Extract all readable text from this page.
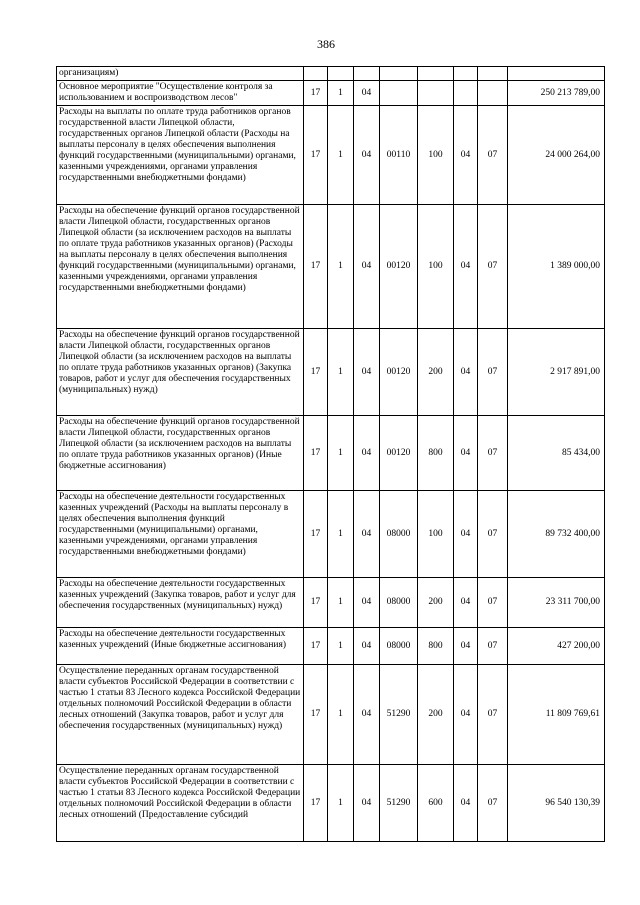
386
организациям)								
Основное мероприятие "Осуществление контроля за использованием и воспроизводством лесов"	17	1	04					250 213 789,00
Расходы на выплаты по оплате труда работников органов государственной власти Липецкой области, государственных органов Липецкой области (Расходы на выплаты персоналу в целях обеспечения выполнения функций государственными (муниципальными) органами, казенными учреждениями, органами управления государственными внебюджетными фондами)	17	1	04	00110	100	04	07	24 000 264,00
Расходы на обеспечение функций органов государственной власти Липецкой области, государственных органов Липецкой области (за исключением расходов на выплаты по оплате труда работников указанных органов) (Расходы на выплаты персоналу в целях обеспечения выполнения функций государственными (муниципальными) органами, казенными учреждениями, органами управления государственными внебюджетными фондами)	17	1	04	00120	100	04	07	1 389 000,00
Расходы на обеспечение функций органов государственной власти Липецкой области, государственных органов Липецкой области (за исключением расходов на выплаты по оплате труда работников указанных органов) (Закупка товаров, работ и услуг для обеспечения государственных (муниципальных) нужд)	17	1	04	00120	200	04	07	2 917 891,00
Расходы на обеспечение функций органов государственной власти Липецкой области, государственных органов Липецкой области (за исключением расходов на выплаты по оплате труда работников указанных органов) (Иные бюджетные ассигнования)	17	1	04	00120	800	04	07	85 434,00
Расходы на обеспечение деятельности государственных казенных учреждений (Расходы на выплаты персоналу в целях обеспечения выполнения функций государственными (муниципальными) органами, казенными учреждениями, органами управления государственными внебюджетными фондами)	17	1	04	08000	100	04	07	89 732 400,00
Расходы на обеспечение деятельности государственных казенных учреждений (Закупка товаров, работ и услуг для обеспечения государственных (муниципальных) нужд)	17	1	04	08000	200	04	07	23 311 700,00
Расходы на обеспечение деятельности государственных казенных учреждений (Иные бюджетные ассигнования)	17	1	04	08000	800	04	07	427 200,00
Осуществление переданных органам государственной власти субъектов Российской Федерации в соответствии с частью 1 статьи 83 Лесного кодекса Российской Федерации отдельных полномочий Российской Федерации в области лесных отношений (Закупка товаров, работ и услуг для обеспечения государственных (муниципальных) нужд)	17	1	04	51290	200	04	07	11 809 769,61
Осуществление переданных органам государственной власти субъектов Российской Федерации в соответствии с частью 1 статьи 83 Лесного кодекса Российской Федерации отдельных полномочий Российской Федерации в области лесных отношений (Предоставление субсидий	17	1	04	51290	600	04	07	96 540 130,39
